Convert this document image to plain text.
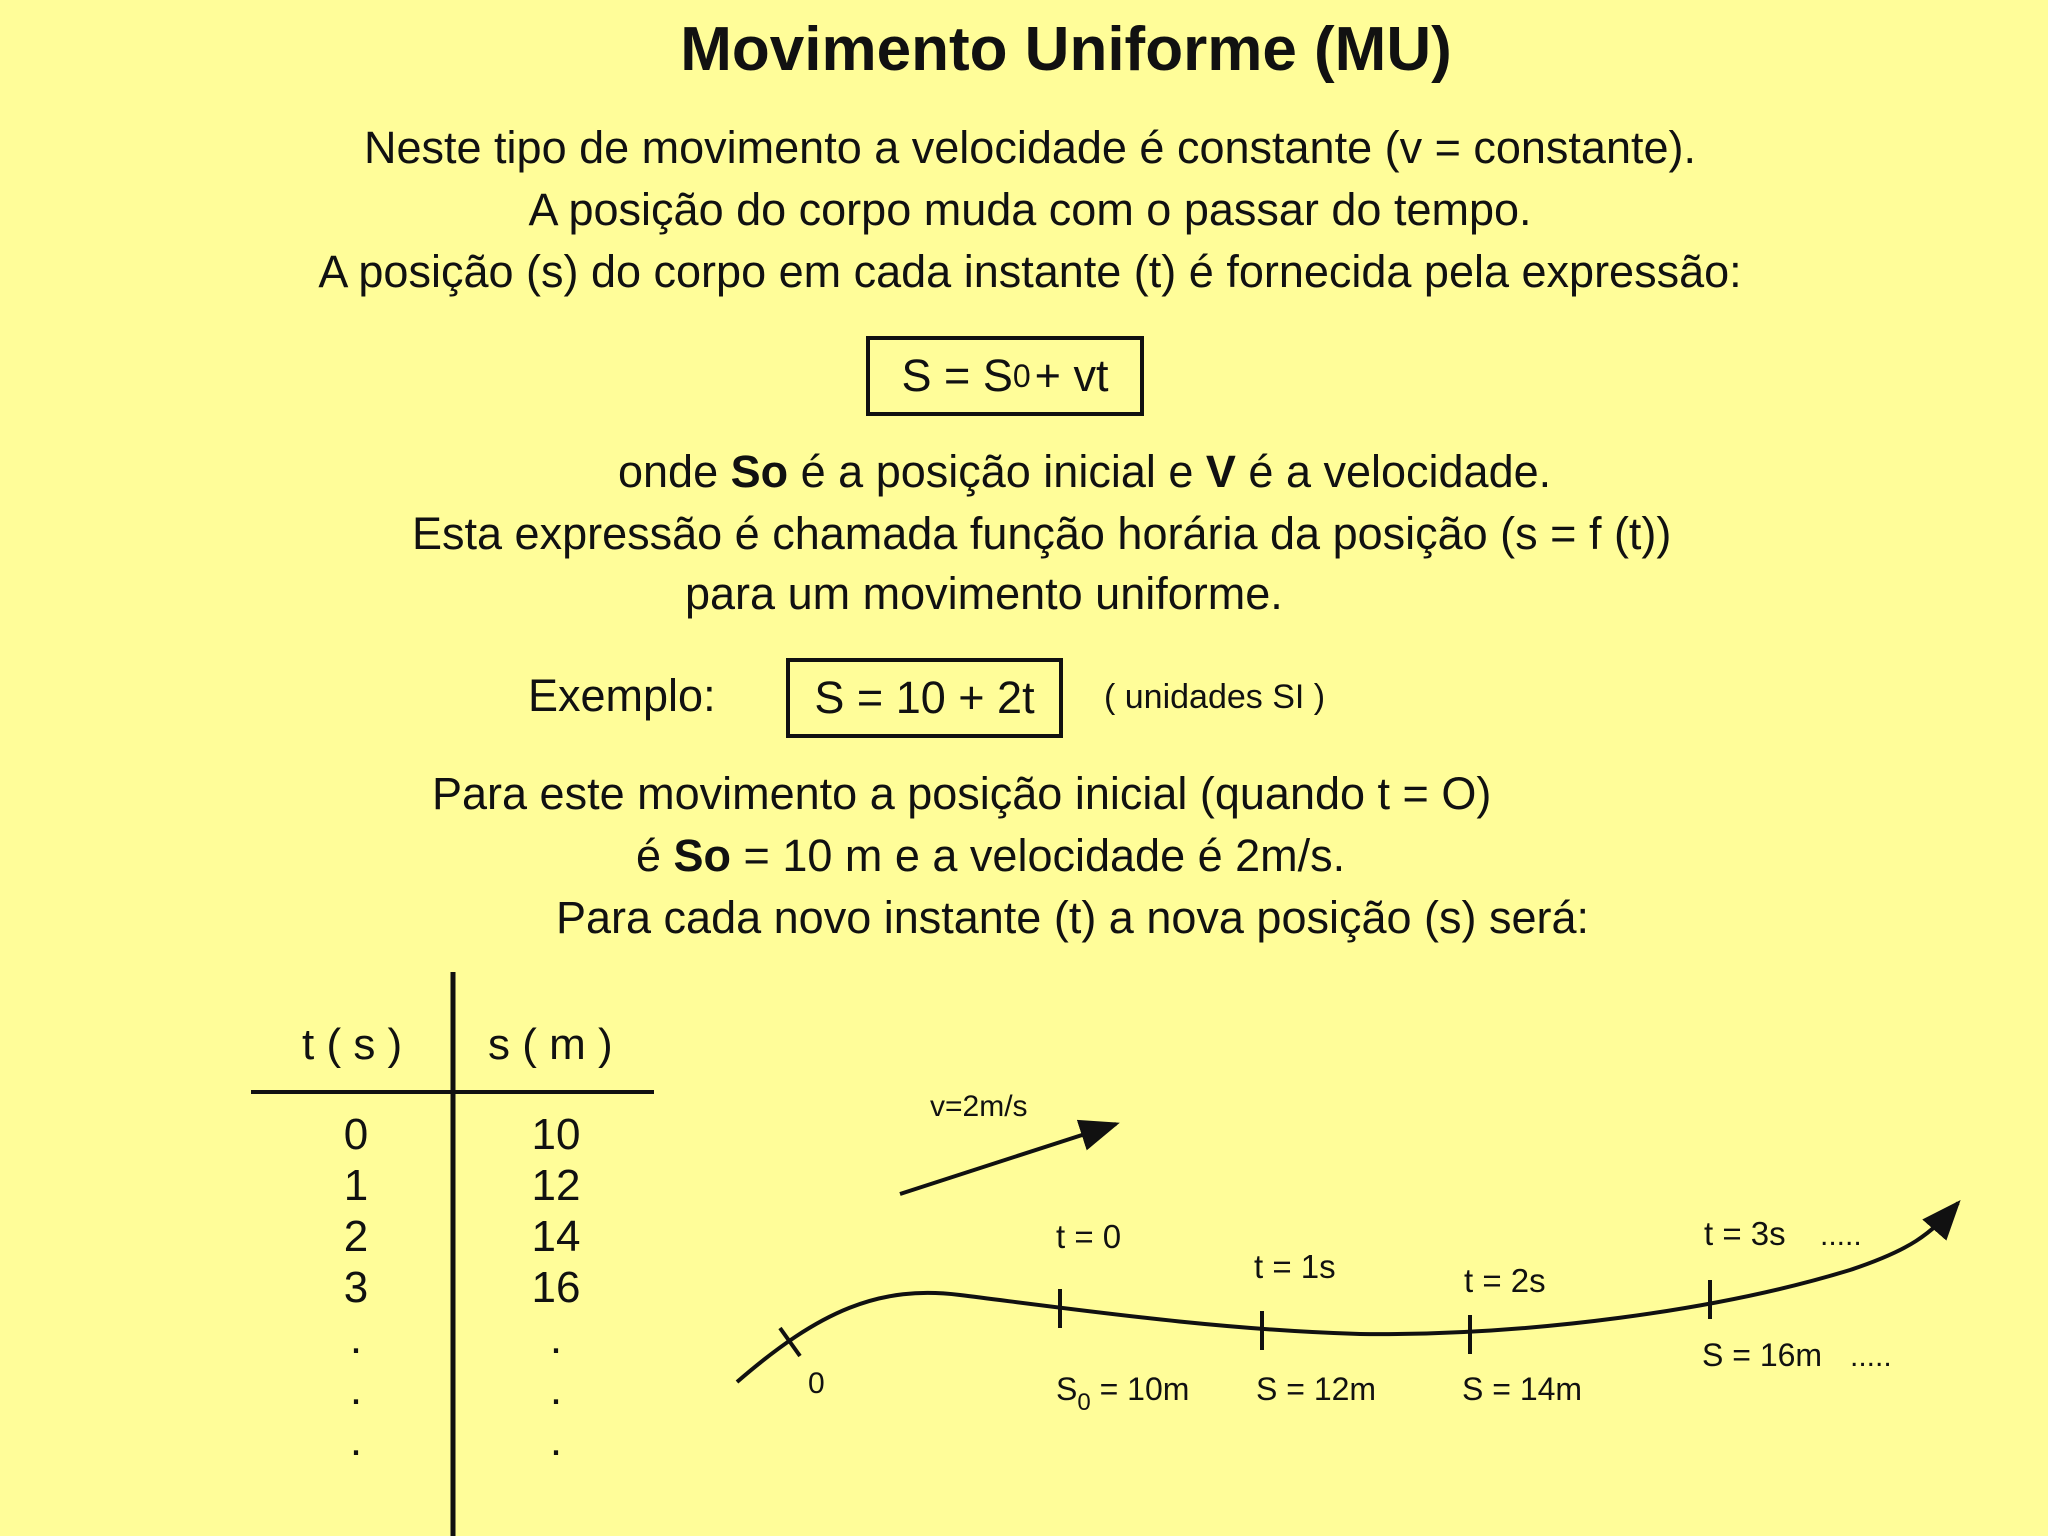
Movimento Uniforme (MU)
Neste tipo de movimento a velocidade é constante (v = constante).
A posição do corpo muda com o passar do tempo.
A posição (s) do corpo em cada instante (t) é fornecida pela expressão:
S = S 0 + vt
onde So é a posição inicial e V é a velocidade.
Esta expressão é chamada função horária da posição (s = f (t))
para um movimento uniforme.
Exemplo: S = 10 + 2t ( unidades SI )
Para este movimento a posição inicial (quando t = O)
é So = 10 m e a velocidade é 2m/s.
Para cada novo instante (t) a nova posição (s) será:
t ( s ) s ( m )
0
1
2
3
.
.
.
10
12
14
16
.
.
.
v=2m/s
0
t = 0
t = 1s	t = 2s
t = 3s .....
$S_0 = 10m$ S = 12m	S = 14m
S = 16m .....
